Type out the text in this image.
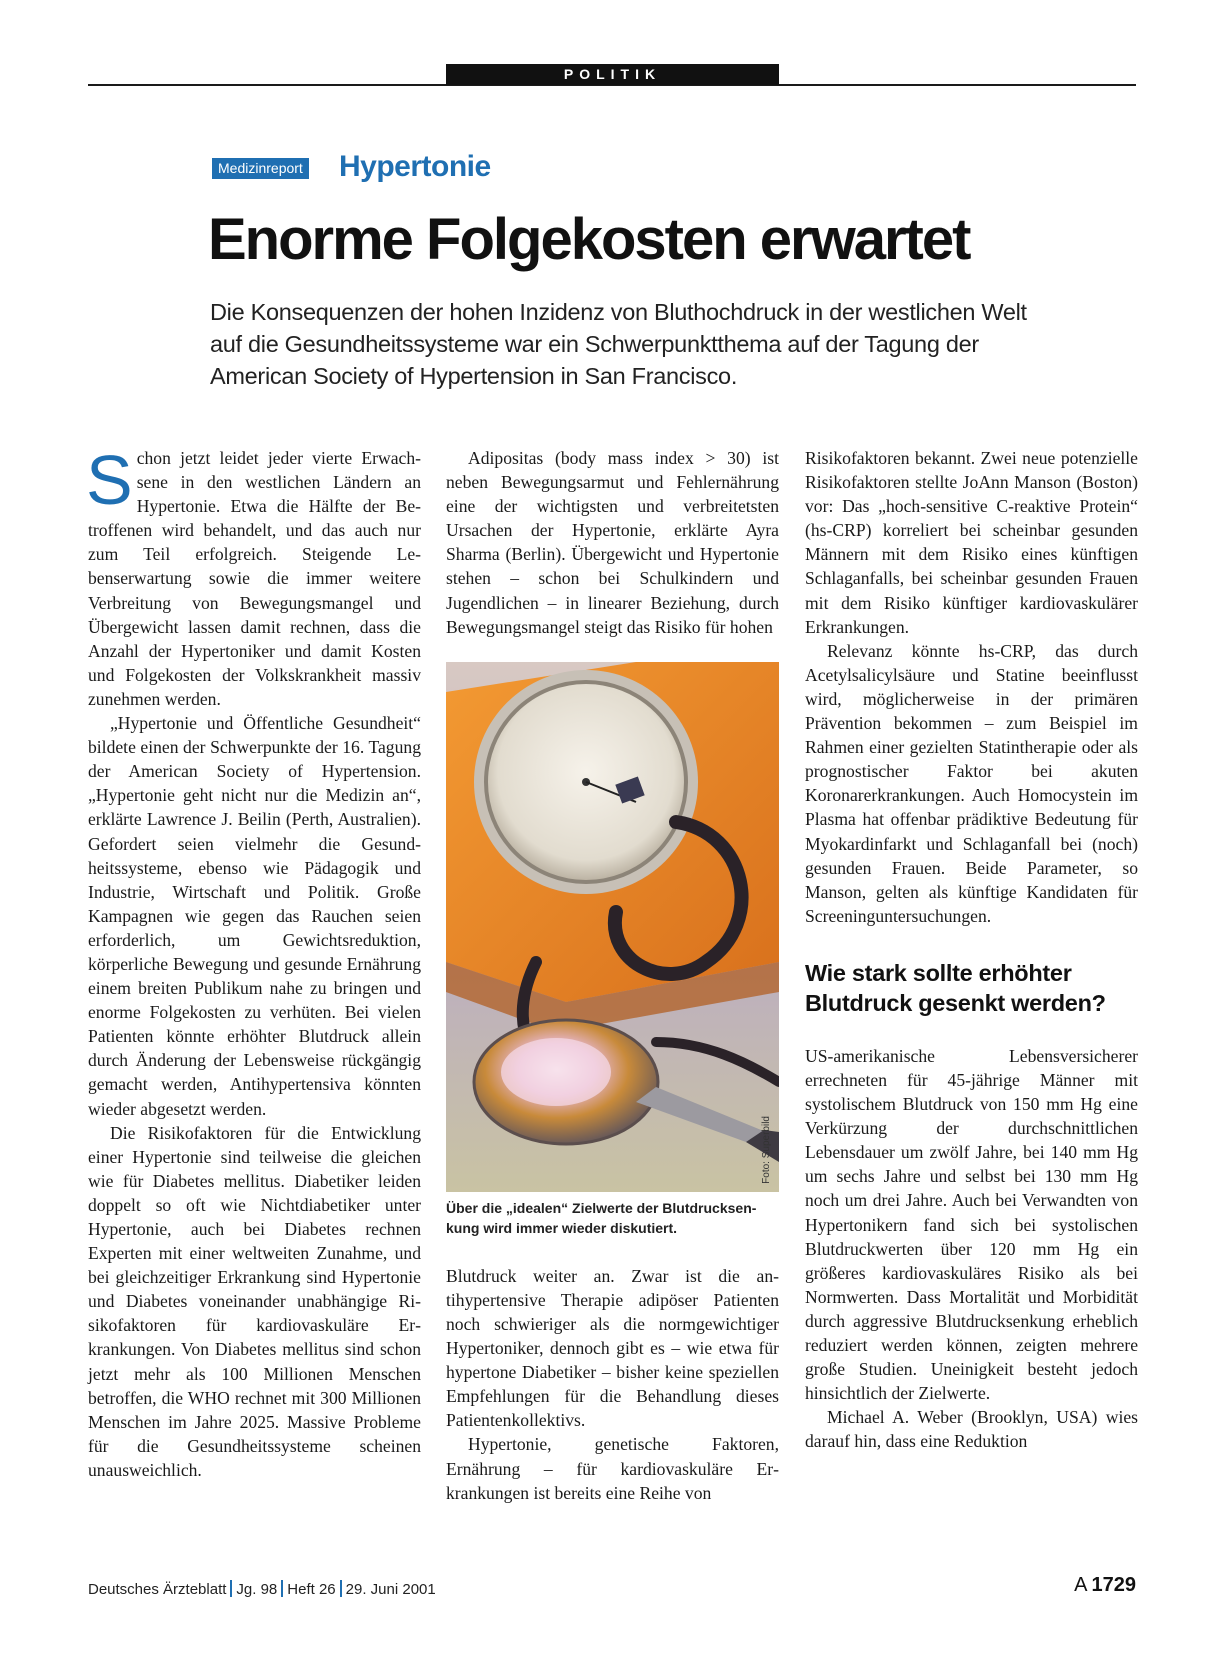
POLITIK
Medizinreport Hypertonie
Enorme Folgekosten erwartet

Die Konsequenzen der hohen Inzidenz von Bluthochdruck in der westlichen Welt auf die Gesundheitssysteme war ein Schwerpunktthema auf der Tagung der American Society of Hypertension in San Francisco.

Schon jetzt leidet jeder vierte Erwachsene in den westlichen Ländern an Hypertonie. Etwa die Hälfte der Betroffenen wird behandelt, und das auch nur zum Teil erfolgreich. Steigende Lebenserwartung sowie die immer weitere Verbreitung von Bewegungsmangel und Übergewicht lassen damit rechnen, dass die Anzahl der Hypertoniker und damit Kosten und Folgekosten der Volkskrankheit massiv zunehmen werden.

„Hypertonie und Öffentliche Gesundheit“ bildete einen der Schwerpunkte der 16. Tagung der American Society of Hypertension. „Hypertonie geht nicht nur die Medizin an“, erklärte Lawrence J. Beilin (Perth, Australien). Gefordert seien vielmehr die Gesundheitssysteme, ebenso wie Pädagogik und Industrie, Wirtschaft und Politik. Große Kampagnen wie gegen das Rauchen seien erforderlich, um Gewichtsreduktion, körperliche Bewegung und gesunde Ernährung einem breiten Publikum nahe zu bringen und enorme Folgekosten zu verhüten. Bei vielen Patienten könnte erhöhter Blutdruck allein durch Änderung der Lebensweise rückgängig gemacht werden, Antihypertensiva könnten wieder abgesetzt werden.

Die Risikofaktoren für die Entwicklung einer Hypertonie sind teilweise die gleichen wie für Diabetes mellitus. Diabetiker leiden doppelt so oft wie Nichtdiabetiker unter Hypertonie, auch bei Diabetes rechnen Experten mit einer weltweiten Zunahme, und bei gleichzeitiger Erkrankung sind Hypertonie und Diabetes voneinander unabhängige Risikofaktoren für kardiovaskuläre Erkrankungen. Von Diabetes mellitus sind schon jetzt mehr als 100 Millionen Menschen betroffen, die WHO rechnet mit 300 Millionen Menschen im Jahre 2025. Massive Probleme für die Gesundheitssysteme scheinen unausweichlich.

Adipositas (body mass index > 30) ist neben Bewegungsarmut und Fehlernährung eine der wichtigsten und verbreitetsten Ursachen der Hypertonie, erklärte Ayra Sharma (Berlin). Übergewicht und Hypertonie stehen – schon bei Schulkindern und Jugendlichen – in linearer Beziehung, durch Bewegungsmangel steigt das Risiko für hohen

Foto: Superbild
Über die „idealen“ Zielwerte der Blutdrucksenkung wird immer wieder diskutiert.

Blutdruck weiter an. Zwar ist die antihypertensive Therapie adipöser Patienten noch schwieriger als die normgewichtiger Hypertoniker, dennoch gibt es – wie etwa für hypertone Diabetiker – bisher keine speziellen Empfehlungen für die Behandlung dieses Patientenkollektivs.

Hypertonie, genetische Faktoren, Ernährung – für kardiovaskuläre Erkrankungen ist bereits eine Reihe von

Risikofaktoren bekannt. Zwei neue potenzielle Risikofaktoren stellte JoAnn Manson (Boston) vor: Das „hoch-sensitive C-reaktive Protein“ (hs-CRP) korreliert bei scheinbar gesunden Männern mit dem Risiko eines künftigen Schlaganfalls, bei scheinbar gesunden Frauen mit dem Risiko künftiger kardiovaskulärer Erkrankungen.

Relevanz könnte hs-CRP, das durch Acetylsalicylsäure und Statine beeinflusst wird, möglicherweise in der primären Prävention bekommen – zum Beispiel im Rahmen einer gezielten Statintherapie oder als prognostischer Faktor bei akuten Koronarerkrankungen. Auch Homocystein im Plasma hat offenbar prädiktive Bedeutung für Myokardinfarkt und Schlaganfall bei (noch) gesunden Frauen. Beide Parameter, so Manson, gelten als künftige Kandidaten für Screeninguntersuchungen.

Wie stark sollte erhöhter Blutdruck gesenkt werden?

US-amerikanische Lebensversicherer errechneten für 45-jährige Männer mit systolischem Blutdruck von 150 mm Hg eine Verkürzung der durchschnittlichen Lebensdauer um zwölf Jahre, bei 140 mm Hg um sechs Jahre und selbst bei 130 mm Hg noch um drei Jahre. Auch bei Verwandten von Hypertonikern fand sich bei systolischen Blutdruckwerten über 120 mm Hg ein größeres kardiovaskuläres Risiko als bei Normwerten. Dass Mortalität und Morbidität durch aggressive Blutdrucksenkung erheblich reduziert werden können, zeigten mehrere große Studien. Uneinigkeit besteht jedoch hinsichtlich der Zielwerte.

Michael A. Weber (Brooklyn, USA) wies darauf hin, dass eine Reduktion

Deutsches Ärzteblatt Jg. 98 Heft 26 29. Juni 2001	A 1729
